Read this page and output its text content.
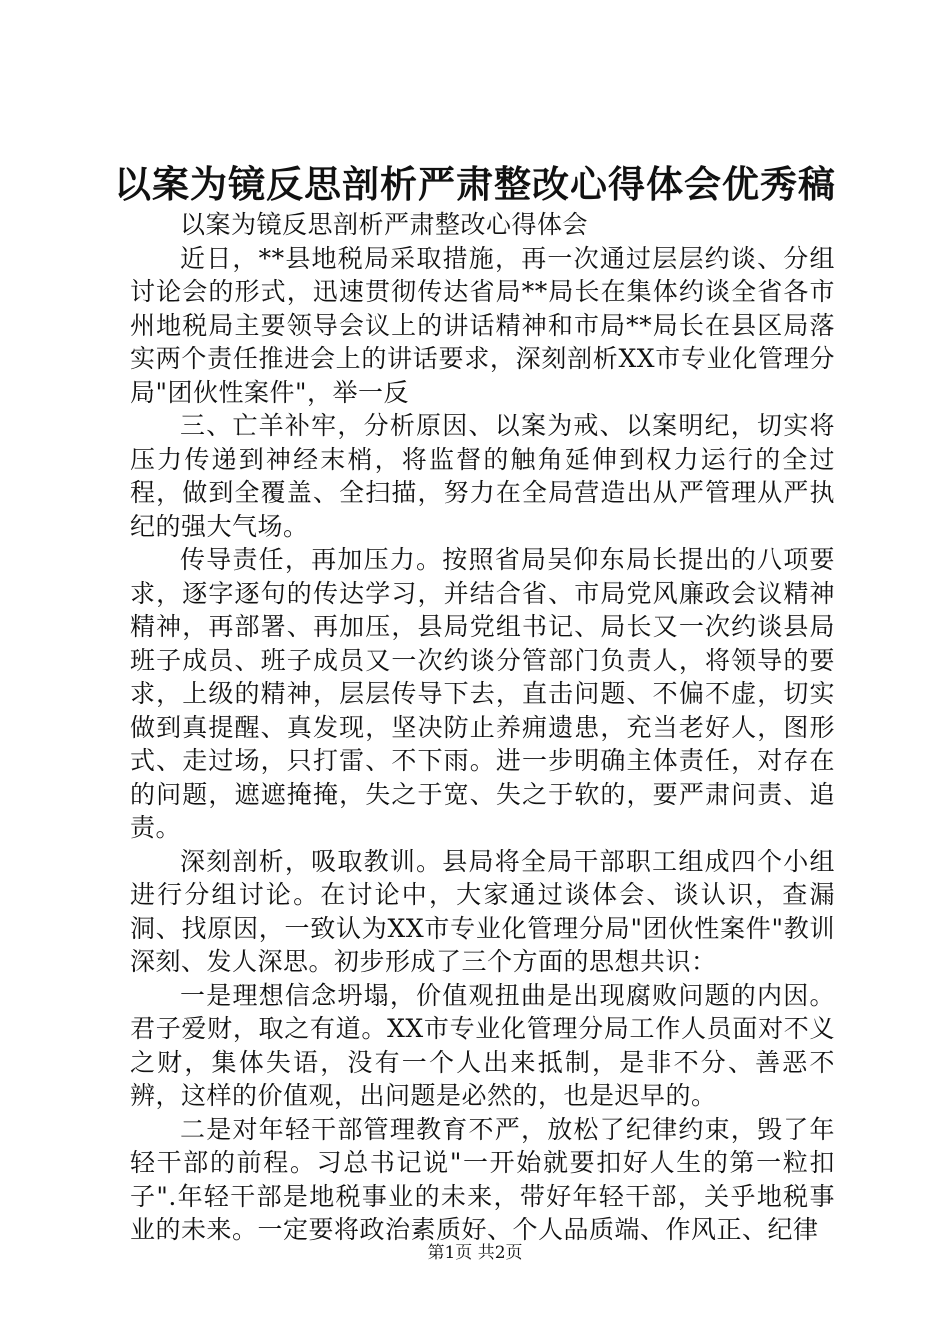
以案为镜反思剖析严肃整改心得体会优秀稿

以案为镜反思剖析严肃整改心得体会

近日，**县地税局采取措施，再一次通过层层约谈、分组讨论会的形式，迅速贯彻传达省局**局长在集体约谈全省各市州地税局主要领导会议上的讲话精神和市局**局长在县区局落实两个责任推进会上的讲话要求，深刻剖析XX市专业化管理分局"团伙性案件"，举一反

三、亡羊补牢，分析原因、以案为戒、以案明纪，切实将压力传递到神经末梢，将监督的触角延伸到权力运行的全过程，做到全覆盖、全扫描，努力在全局营造出从严管理从严执纪的强大气场。

传导责任，再加压力。按照省局吴仰东局长提出的八项要求，逐字逐句的传达学习，并结合省、市局党风廉政会议精神精神，再部署、再加压，县局党组书记、局长又一次约谈县局班子成员、班子成员又一次约谈分管部门负责人，将领导的要求，上级的精神，层层传导下去，直击问题、不偏不虚，切实做到真提醒、真发现，坚决防止养痈遗患，充当老好人，图形式、走过场，只打雷、不下雨。进一步明确主体责任，对存在的问题，遮遮掩掩，失之于宽、失之于软的，要严肃问责、追责。

深刻剖析，吸取教训。县局将全局干部职工组成四个小组进行分组讨论。在讨论中，大家通过谈体会、谈认识，查漏洞、找原因，一致认为XX市专业化管理分局"团伙性案件"教训深刻、发人深思。初步形成了三个方面的思想共识：

一是理想信念坍塌，价值观扭曲是出现腐败问题的内因。君子爱财，取之有道。XX市专业化管理分局工作人员面对不义之财，集体失语，没有一个人出来抵制，是非不分、善恶不辨，这样的价值观，出问题是必然的，也是迟早的。

二是对年轻干部管理教育不严，放松了纪律约束，毁了年轻干部的前程。习总书记说"一开始就要扣好人生的第一粒扣子".年轻干部是地税事业的未来，带好年轻干部，关乎地税事业的未来。一定要将政治素质好、个人品质端、作风正、纪律

第1页 共2页
